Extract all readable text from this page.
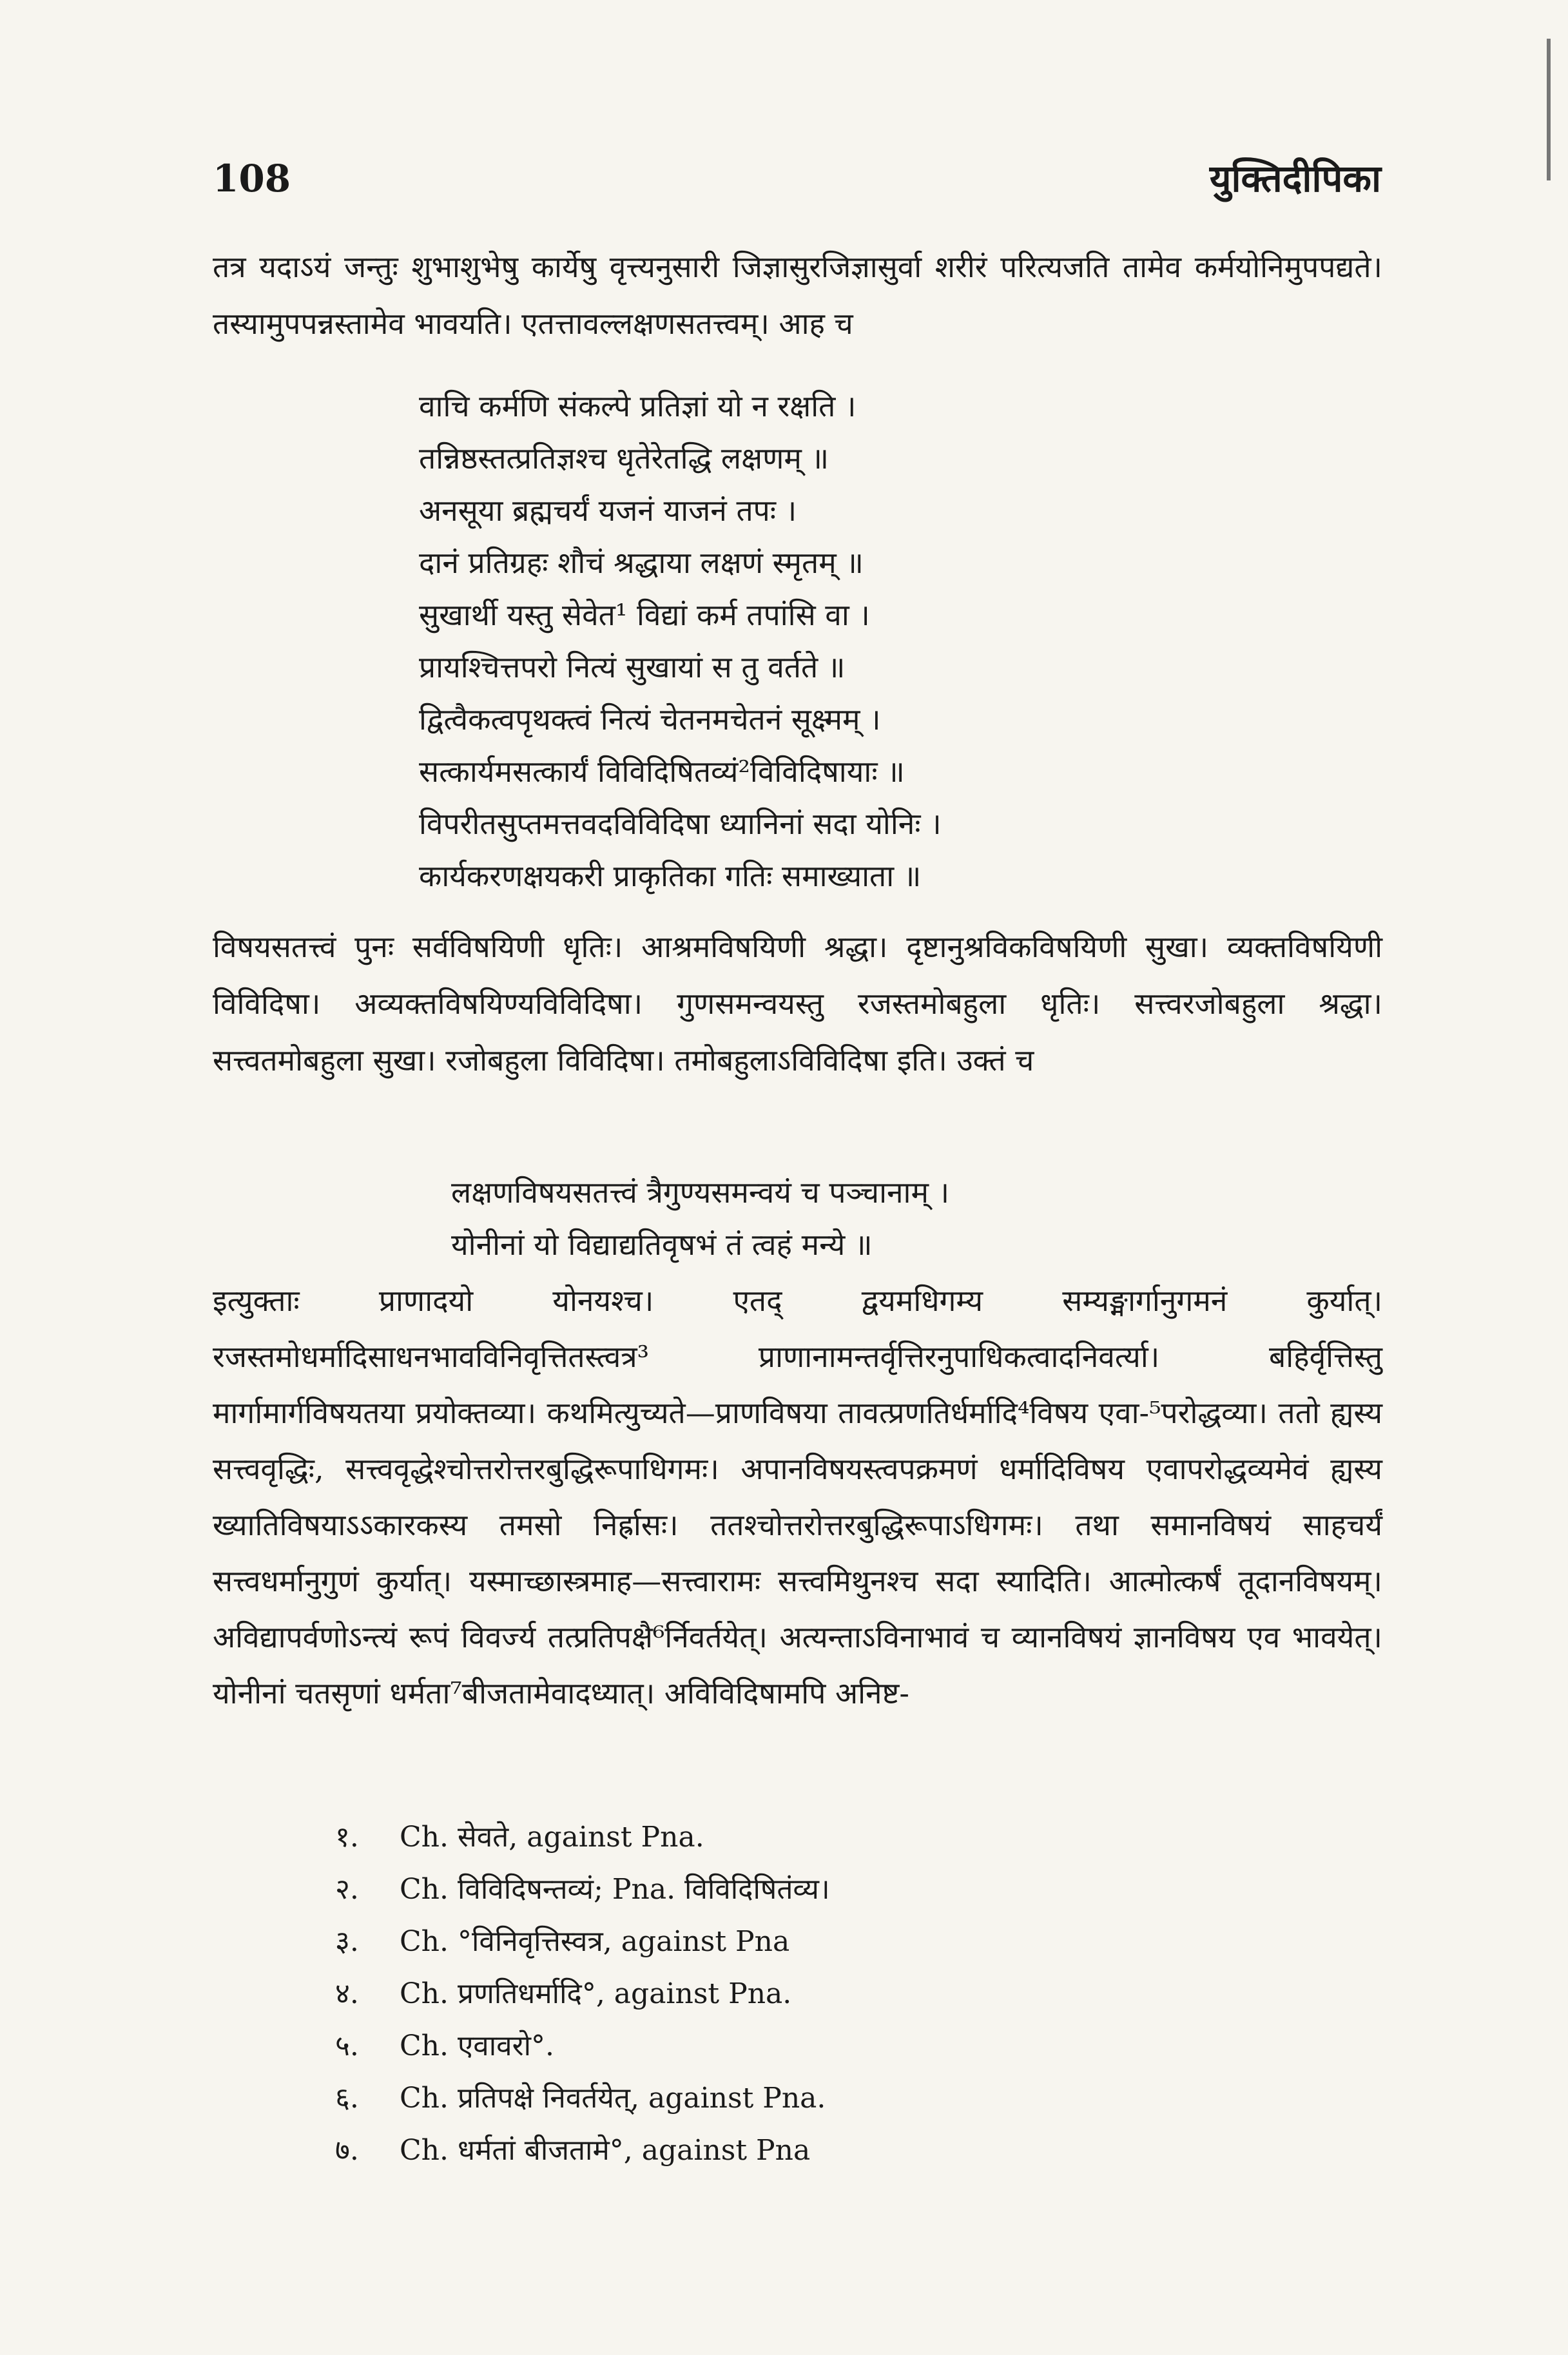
108	युक्तिदीपिका

तत्र यदाऽयं जन्तुः शुभाशुभेषु कार्येषु वृत्त्यनुसारी जिज्ञासुरजिज्ञासुर्वा शरीरं परित्यजति तामेव कर्मयोनिमुपपद्यते। तस्यामुपपन्नस्तामेव भावयति। एतत्तावल्लक्षणसतत्त्वम्। आह च

वाचि कर्मणि संकल्पे प्रतिज्ञां यो न रक्षति ।
तन्निष्ठस्तत्प्रतिज्ञश्च धृतेरेतद्धि लक्षणम् ॥
अनसूया ब्रह्मचर्यं यजनं याजनं तपः ।
दानं प्रतिग्रहः शौचं श्रद्धाया लक्षणं स्मृतम् ॥
सुखार्थी यस्तु सेवेत¹ विद्यां कर्म तपांसि वा ।
प्रायश्चित्तपरो नित्यं सुखायां स तु वर्तते ॥
द्वित्वैकत्वपृथक्त्वं नित्यं चेतनमचेतनं सूक्ष्मम् ।
सत्कार्यमसत्कार्यं विविदिषितव्यं²विविदिषायाः ॥
विपरीतसुप्तमत्तवदविविदिषा ध्यानिनां सदा योनिः ।
कार्यकरणक्षयकरी प्राकृतिका गतिः समाख्याता ॥

विषयसतत्त्वं पुनः सर्वविषयिणी धृतिः। आश्रमविषयिणी श्रद्धा। दृष्टानुश्रविकविषयिणी सुखा। व्यक्तविषयिणी विविदिषा। अव्यक्तविषयिण्यविविदिषा। गुणसमन्वयस्तु रजस्तमोबहुला धृतिः। सत्त्वरजोबहुला श्रद्धा। सत्त्वतमोबहुला सुखा। रजोबहुला विविदिषा। तमोबहुलाऽविविदिषा इति। उक्तं च

लक्षणविषयसतत्त्वं त्रैगुण्यसमन्वयं च पञ्चानाम् ।
योनीनां यो विद्याद्यतिवृषभं तं त्वहं मन्ये ॥

इत्युक्ताः प्राणादयो योनयश्च। एतद् द्वयमधिगम्य सम्यङ्मार्गानुगमनं कुर्यात्। रजस्तमोधर्मादिसाधनभावविनिवृत्तितस्त्वत्र³ प्राणानामन्तर्वृत्तिरनुपाधिकत्वादनिवर्त्या। बहिर्वृत्तिस्तु मार्गामार्गविषयतया प्रयोक्तव्या। कथमित्युच्यते—प्राणविषया तावत्प्रणतिर्धर्मादि⁴विषय एवा-⁵परोद्धव्या। ततो ह्यस्य सत्त्ववृद्धिः, सत्त्ववृद्धेश्चोत्तरोत्तरबुद्धिरूपाधिगमः। अपानविषयस्त्वपक्रमणं धर्मादिविषय एवापरोद्धव्यमेवं ह्यस्य ख्यातिविषयाऽऽकारकस्य तमसो निर्ह्रासः। ततश्चोत्तरोत्तरबुद्धिरूपाऽधिगमः। तथा समानविषयं साहचर्यं सत्त्वधर्मानुगुणं कुर्यात्। यस्माच्छास्त्रमाह—सत्त्वारामः सत्त्वमिथुनश्च सदा स्यादिति। आत्मोत्कर्षं तूदानविषयम्। अविद्यापर्वणोऽन्त्यं रूपं विवर्ज्य तत्प्रतिपक्षै⁶र्निवर्तयेत्। अत्यन्ताऽविनाभावं च व्यानविषयं ज्ञानविषय एव भावयेत्। योनीनां चतसृणां धर्मता⁷बीजतामेवादध्यात्। अविविदिषामपि अनिष्ट-

१.	Ch. सेवते, against Pna.
२.	Ch. विविदिषन्तव्यं; Pna. विविदिषितंव्य।
३.	Ch. °विनिवृत्तिस्वत्र, against Pna
४.	Ch. प्रणतिधर्मादि°, against Pna.
५.	Ch. एवावरो°.
६.	Ch. प्रतिपक्षे निवर्तयेत्, against Pna.
७.	Ch. धर्मतां बीजतामे°, against Pna
